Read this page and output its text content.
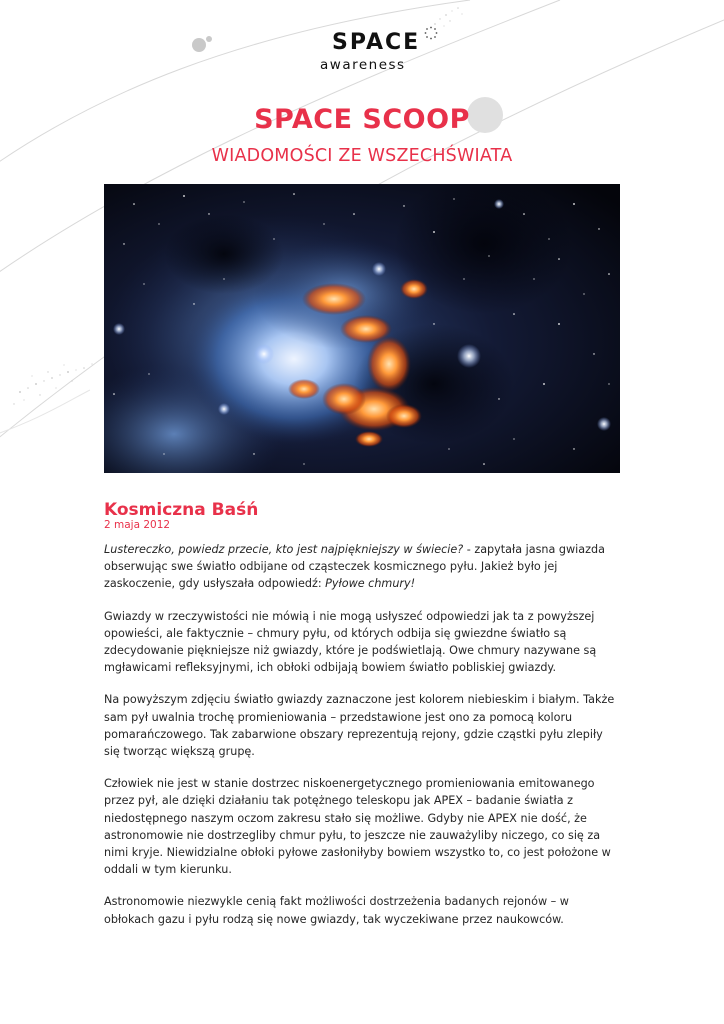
SPACE
awareness
SPACE SCOOP
WIADOMOŚCI ZE WSZECHŚWIATA
Kosmiczna Baśń
2 maja 2012

Lustereczko, powiedz przecie, kto jest najpiękniejszy w świecie? - zapytała jasna gwiazda obserwując swe światło odbijane od cząsteczek kosmicznego pyłu. Jakież było jej zaskoczenie, gdy usłyszała odpowiedź: Pyłowe chmury!

Gwiazdy w rzeczywistości nie mówią i nie mogą usłyszeć odpowiedzi jak ta z powyższej opowieści, ale faktycznie – chmury pyłu, od których odbija się gwiezdne światło są zdecydowanie piękniejsze niż gwiazdy, które je podświetlają. Owe chmury nazywane są mgławicami refleksyjnymi, ich obłoki odbijają bowiem światło pobliskiej gwiazdy.

Na powyższym zdjęciu światło gwiazdy zaznaczone jest kolorem niebieskim i białym. Także sam pył uwalnia trochę promieniowania – przedstawione jest ono za pomocą koloru pomarańczowego. Tak zabarwione obszary reprezentują rejony, gdzie cząstki pyłu zlepiły się tworząc większą grupę.

Człowiek nie jest w stanie dostrzec niskoenergetycznego promieniowania emitowanego przez pył, ale dzięki działaniu tak potężnego teleskopu jak APEX – badanie światła z niedostępnego naszym oczom zakresu stało się możliwe. Gdyby nie APEX nie dość, że astronomowie nie dostrzegliby chmur pyłu, to jeszcze nie zauważyliby niczego, co się za nimi kryje. Niewidzialne obłoki pyłowe zasłoniłyby bowiem wszystko to, co jest położone w oddali w tym kierunku.

Astronomowie niezwykle cenią fakt możliwości dostrzeżenia badanych rejonów – w obłokach gazu i pyłu rodzą się nowe gwiazdy, tak wyczekiwane przez naukowców.
